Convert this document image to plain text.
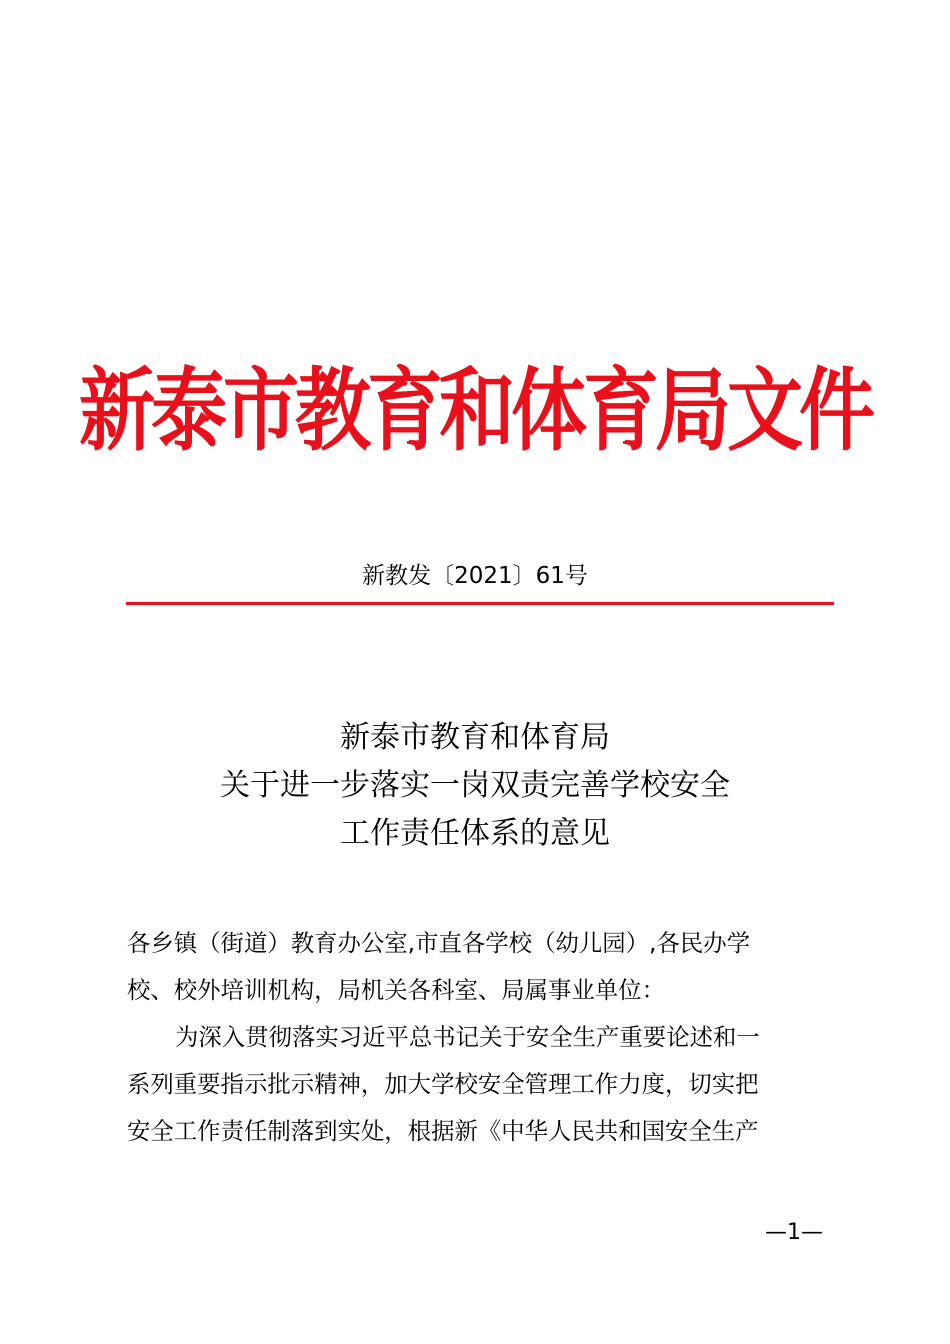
新泰市教育和体育局文件
新教发〔2021〕61号
新泰市教育和体育局
关于进一步落实一岗双责完善学校安全
工作责任体系的意见
各乡镇（街道）教育办公室,市直各学校（幼儿园）,各民办学
校、校外培训机构，局机关各科室、局属事业单位：
为深入贯彻落实习近平总书记关于安全生产重要论述和一
系列重要指示批示精神，加大学校安全管理工作力度，切实把
安全工作责任制落到实处，根据新《中华人民共和国安全生产
—1—
